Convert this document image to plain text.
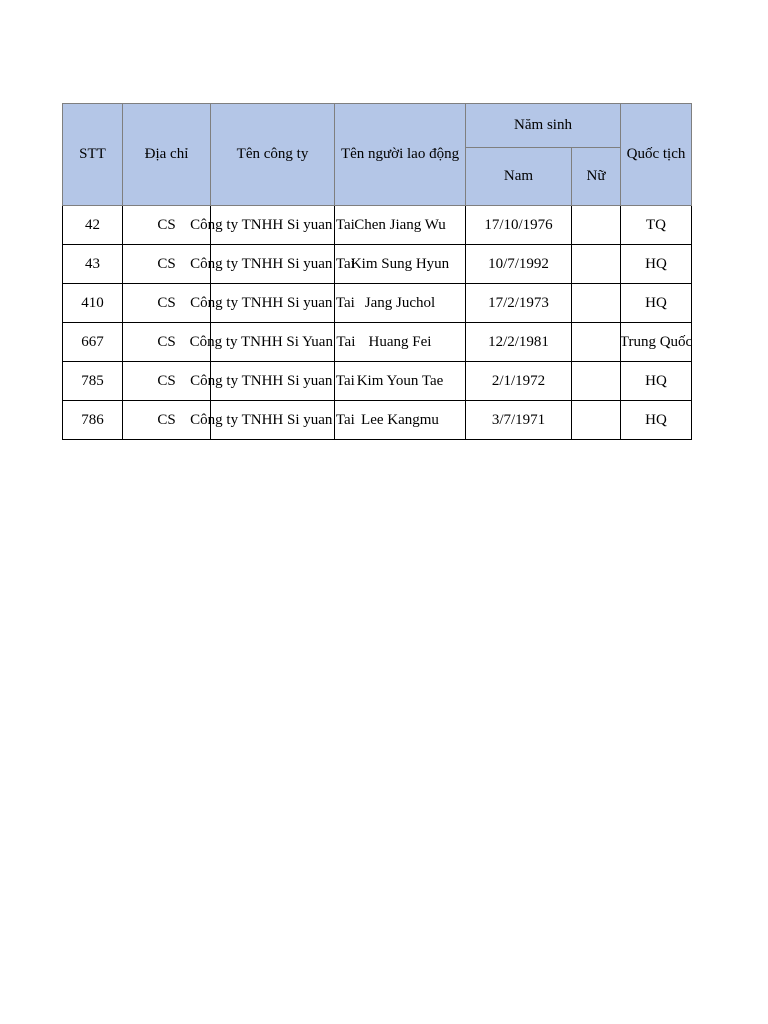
STT	Địa chỉ	Tên công ty	Tên người lao động	Năm sinh		Quốc tịch
				Nam	Nữ	
42	CS	Công ty TNHH Si yuan Tai	Chen Jiang Wu	17/10/1976		TQ

43	CS	Công ty TNHH Si yuan Tai	Kim Sung Hyun	10/7/1992		HQ

410	CS	Công ty TNHH Si yuan Tai	Jang Juchol	17/2/1973		HQ

667	CS	Công ty TNHH Si Yuan Tai	Huang Fei	12/2/1981		Trung Quốc

785	CS	Công ty TNHH Si yuan Tai	Kim Youn Tae	2/1/1972		HQ

786	CS	Công ty TNHH Si yuan Tai	Lee Kangmu	3/7/1971		HQ
